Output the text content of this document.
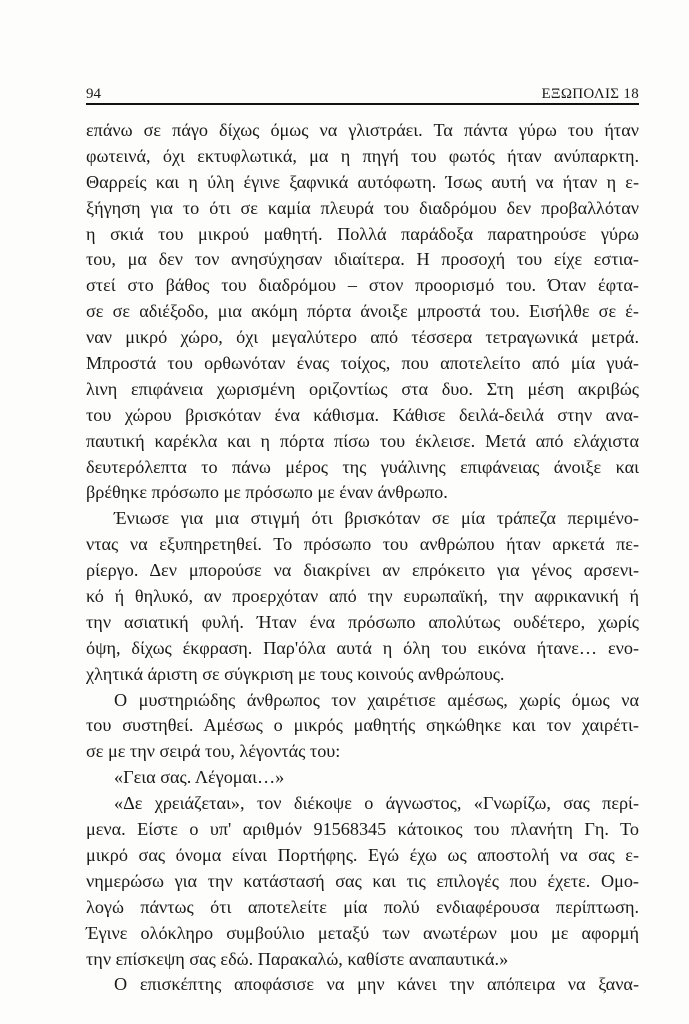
94	ΕΞΩΠΟΛΙΣ 18
επάνω σε πάγο δίχως όμως να γλιστράει. Τα πάντα γύρω του ήταν
φωτεινά, όχι εκτυφλωτικά, μα η πηγή του φωτός ήταν ανύπαρκτη.
Θαρρείς και η ύλη έγινε ξαφνικά αυτόφωτη. Ίσως αυτή να ήταν η ε-
ξήγηση για το ότι σε καμία πλευρά του διαδρόμου δεν προβαλλόταν
η σκιά του μικρού μαθητή. Πολλά παράδοξα παρατηρούσε γύρω
του, μα δεν τον ανησύχησαν ιδιαίτερα. Η προσοχή του είχε εστια-
στεί στο βάθος του διαδρόμου – στον προορισμό του. Όταν έφτα-
σε σε αδιέξοδο, μια ακόμη πόρτα άνοιξε μπροστά του. Εισήλθε σε έ-
ναν μικρό χώρο, όχι μεγαλύτερο από τέσσερα τετραγωνικά μετρά.
Μπροστά του ορθωνόταν ένας τοίχος, που αποτελείτο από μία γυά-
λινη επιφάνεια χωρισμένη οριζοντίως στα δυο. Στη μέση ακριβώς
του χώρου βρισκόταν ένα κάθισμα. Κάθισε δειλά-δειλά στην ανα-
παυτική καρέκλα και η πόρτα πίσω του έκλεισε. Μετά από ελάχιστα
δευτερόλεπτα το πάνω μέρος της γυάλινης επιφάνειας άνοιξε και
βρέθηκε πρόσωπο με πρόσωπο με έναν άνθρωπο.
Ένιωσε για μια στιγμή ότι βρισκόταν σε μία τράπεζα περιμένο-
ντας να εξυπηρετηθεί. Το πρόσωπο του ανθρώπου ήταν αρκετά πε-
ρίεργο. Δεν μπορούσε να διακρίνει αν επρόκειτο για γένος αρσενι-
κό ή θηλυκό, αν προερχόταν από την ευρωπαϊκή, την αφρικανική ή
την ασιατική φυλή. Ήταν ένα πρόσωπο απολύτως ουδέτερο, χωρίς
όψη, δίχως έκφραση. Παρ'όλα αυτά η όλη του εικόνα ήτανε… ενο-
χλητικά άριστη σε σύγκριση με τους κοινούς ανθρώπους.
Ο μυστηριώδης άνθρωπος τον χαιρέτισε αμέσως, χωρίς όμως να
του συστηθεί. Αμέσως ο μικρός μαθητής σηκώθηκε και τον χαιρέτι-
σε με την σειρά του, λέγοντάς του:
«Γεια σας. Λέγομαι…»
«Δε χρειάζεται», τον διέκοψε ο άγνωστος, «Γνωρίζω, σας περί-
μενα. Είστε ο υπ' αριθμόν 91568345 κάτοικος του πλανήτη Γη. Το
μικρό σας όνομα είναι Πορτήφης. Εγώ έχω ως αποστολή να σας ε-
νημερώσω για την κατάστασή σας και τις επιλογές που έχετε. Ομο-
λογώ πάντως ότι αποτελείτε μία πολύ ενδιαφέρουσα περίπτωση.
Έγινε ολόκληρο συμβούλιο μεταξύ των ανωτέρων μου με αφορμή
την επίσκεψη σας εδώ. Παρακαλώ, καθίστε αναπαυτικά.»
Ο επισκέπτης αποφάσισε να μην κάνει την απόπειρα να ξανα-
